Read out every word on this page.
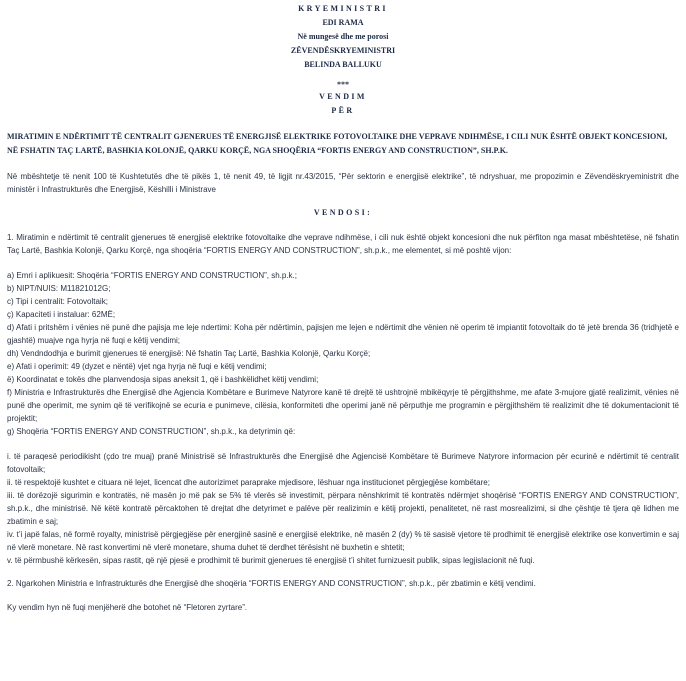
KRYEMINISTRI
EDI RAMA
Në mungesë dhe me porosi
ZËVENDËSKRYEMINISTRI
BELINDA BALLUKU
***
VENDIM
PËR
MIRATIMIN E NDËRTIMIT TË CENTRALIT GJENERUES TË ENERGJISË ELEKTRIKE FOTOVOLTAIKE DHE VEPRAVE NDIHMËSE, I CILI NUK ËSHTË OBJEKT KONCESIONI, NË FSHATIN TAÇ LARTË, BASHKIA KOLONJË, QARKU KORÇË, NGA SHOQËRIA “FORTIS ENERGY AND CONSTRUCTION”, SH.P.K.
Në mbështetje të nenit 100 të Kushtetutës dhe të pikës 1, të nenit 49, të ligjit nr.43/2015, “Për sektorin e energjisë elektrike”, të ndryshuar, me propozimin e Zëvendëskryeministrit dhe ministër i Infrastrukturës dhe Energjisë, Këshilli i Ministrave
VENDOSI:
1. Miratimin e ndërtimit të centralit gjenerues të energjisë elektrike fotovoltaike dhe veprave ndihmëse, i cili nuk është objekt koncesioni dhe nuk përfiton nga masat mbështetëse, në fshatin Taç Lartë, Bashkia Kolonjë, Qarku Korçë, nga shoqëria “FORTIS ENERGY AND CONSTRUCTION”, sh.p.k., me elementet, si më poshtë vijon:
a) Emri i aplikuesit: Shoqëria “FORTIS ENERGY AND CONSTRUCTION”, sh.p.k.;
b) NIPT/NUIS: M11821012G;
c) Tipi i centralit: Fotovoltaik;
ç) Kapaciteti i instaluar: 62MË;
d) Afati i pritshëm i vënies në punë dhe pajisja me leje ndertimi: Koha për ndërtimin, pajisjen me lejen e ndërtimit dhe vënien në operim të impiantit fotovoltaik do të jetë brenda 36 (tridhjetë e gjashtë) muajve nga hyrja në fuqi e këtij vendimi;
dh) Vendndodhja e burimit gjenerues të energjisë: Në fshatin Taç Lartë, Bashkia Kolonjë, Qarku Korçë;
e) Afati i operimit: 49 (dyzet e nëntë) vjet nga hyrja në fuqi e këtij vendimi;
ë) Koordinatat e tokës dhe planvendosja sipas aneksit 1, që i bashkëlidhet këtij vendimi;
f) Ministria e Infrastrukturës dhe Energjisë dhe Agjencia Kombëtare e Burimeve Natyrore kanë të drejtë të ushtrojnë mbikëqyrje të përgjithshme, me afate 3-mujore gjatë realizimit, vënies në punë dhe operimit, me synim që të verifikojnë se ecuria e punimeve, cilësia, konformiteti dhe operimi janë në përputhje me programin e përgjithshëm të realizimit dhe të dokumentacionit të projektit;
g) Shoqëria “FORTIS ENERGY AND CONSTRUCTION”, sh.p.k., ka detyrimin që:
i. të paraqesë periodikisht (çdo tre muaj) pranë Ministrisë së Infrastrukturës dhe Energjisë dhe Agjencisë Kombëtare të Burimeve Natyrore informacion për ecurinë e ndërtimit të centralit fotovoltaik;
ii. të respektojë kushtet e cituara në lejet, licencat dhe autorizimet paraprake mjedisore, lëshuar nga institucionet përgjegjëse kombëtare;
iii. të dorëzojë sigurimin e kontratës, në masën jo më pak se 5% të vlerës së investimit, përpara nënshkrimit të kontratës ndërmjet shoqërisë “FORTIS ENERGY AND CONSTRUCTION”, sh.p.k., dhe ministrisë. Në këtë kontratë përcaktohen të drejtat dhe detyrimet e palëve për realizimin e këtij projekti, penalitetet, në rast mosrealizimi, si dhe çështje të tjera që lidhen me zbatimin e saj;
iv. t’i japë falas, në formë royalty, ministrisë përgjegjëse për energjinë sasinë e energjisë elektrike, në masën 2 (dy) % të sasisë vjetore të prodhimit të energjisë elektrike ose konvertimin e saj në vlerë monetare. Në rast konvertimi në vlerë monetare, shuma duhet të derdhet tërësisht në buxhetin e shtetit;
v. të përmbushë kërkesën, sipas rastit, që një pjesë e prodhimit të burimit gjenerues të energjisë t’i shitet furnizuesit publik, sipas legjislacionit në fuqi.
2. Ngarkohen Ministria e Infrastrukturës dhe Energjisë dhe shoqëria “FORTIS ENERGY AND CONSTRUCTION”, sh.p.k., për zbatimin e këtij vendimi.
Ky vendim hyn në fuqi menjëherë dhe botohet në “Fletoren zyrtare”.
